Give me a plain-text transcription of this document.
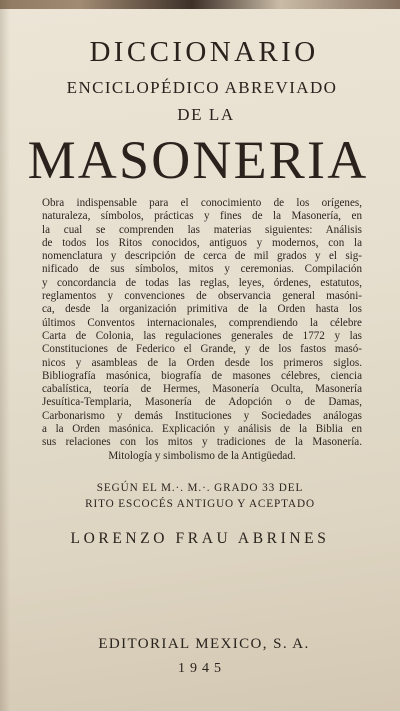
DICCIONARIO
ENCICLOPÉDICO ABREVIADO
DE LA
MASONERIA
Obra indispensable para el conocimiento de los orígenes,
naturaleza, símbolos, prácticas y fines de la Masonería, en
la cual se comprenden las materias siguientes: Análisis
de todos los Ritos conocidos, antiguos y modernos, con la
nomenclatura y descripción de cerca de mil grados y el sig-
nificado de sus símbolos, mitos y ceremonias. Compilación
y concordancia de todas las reglas, leyes, órdenes, estatutos,
reglamentos y convenciones de observancia general masóni-
ca, desde la organización primitiva de la Orden hasta los
últimos Conventos internacionales, comprendiendo la célebre
Carta de Colonia, las regulaciones generales de 1772 y las
Constituciones de Federico el Grande, y de los fastos masó-
nicos y asambleas de la Orden desde los primeros siglos.
Bibliografía masónica, biografía de masones célebres, ciencia
cabalística, teoría de Hermes, Masonería Oculta, Masonería
Jesuítica-Templaria, Masonería de Adopción o de Damas,
Carbonarismo y demás Instituciones y Sociedades análogas
a la Orden masónica. Explicación y análisis de la Biblia en
sus relaciones con los mitos y tradiciones de la Masonería.
Mitología y simbolismo de la Antigüedad.
SEGÚN EL M.·. M.·. GRADO 33 DEL
RITO ESCOCÉS ANTIGUO Y ACEPTADO
LORENZO FRAU ABRINES
EDITORIAL MEXICO, S. A.
1945
